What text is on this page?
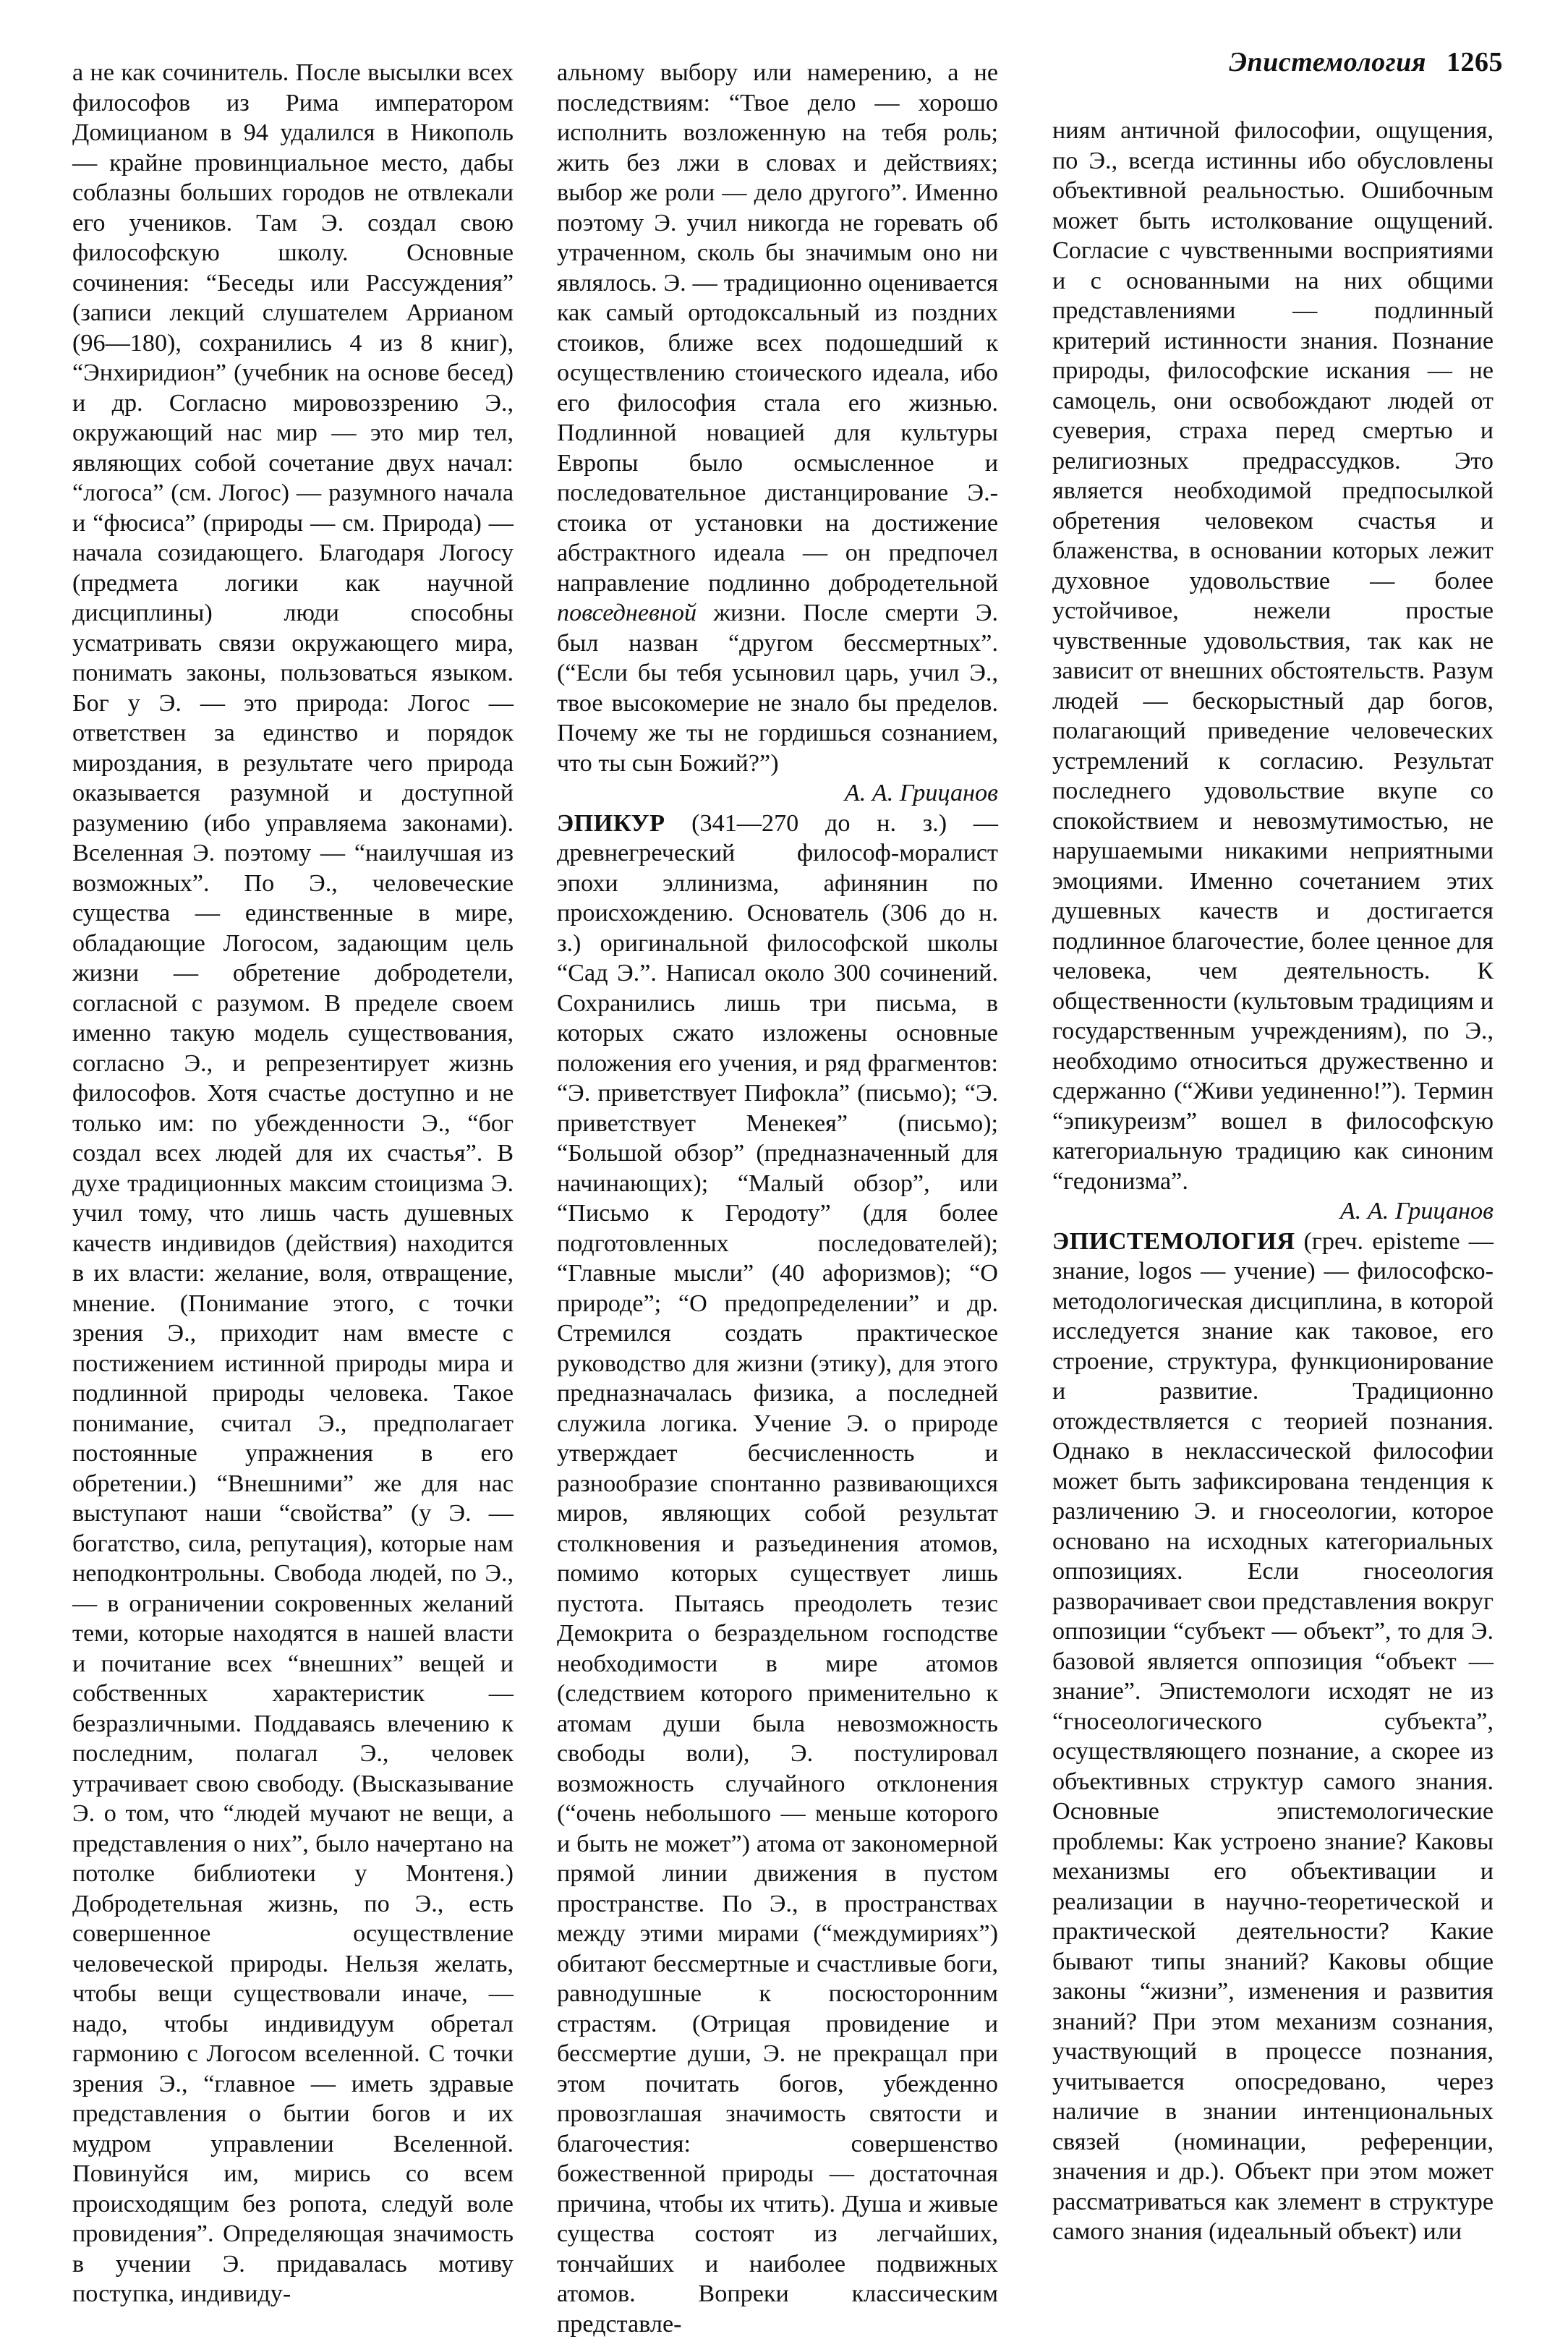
Эпистемология 1265

а не как сочинитель. После высылки всех философов из Рима императором Домицианом в 94 удалился в Никополь — крайне провинциальное место, дабы соблазны больших городов не отвлекали его учеников. Там Э. создал свою философскую школу. Основные сочинения: “Беседы или Рассуждения” (записи лекций слушателем Аррианом (96—180), сохранились 4 из 8 книг), “Энхиридион” (учебник на основе бесед) и др. Согласно мировоззрению Э., окружающий нас мир — это мир тел, являющих собой сочетание двух начал: “логоса” (см. Логос) — разумного начала и “фюсиса” (природы — см. Природа) — начала созидающего. Благодаря Логосу (предмета логики как научной дисциплины) люди способны усматривать связи окружающего мира, понимать законы, пользоваться языком. Бог у Э. — это природа: Логос — ответствен за единство и порядок мироздания, в результате чего природа оказывается разумной и доступной разумению (ибо управляема законами). Вселенная Э. поэтому — “наилучшая из возможных”. По Э., человеческие существа — единственные в мире, обладающие Логосом, задающим цель жизни — обретение добродетели, согласной с разумом. В пределе своем именно такую модель существования, согласно Э., и репрезентирует жизнь философов. Хотя счастье доступно и не только им: по убежденности Э., “бог создал всех людей для их счастья”. В духе традиционных максим стоицизма Э. учил тому, что лишь часть душевных качеств индивидов (действия) находится в их власти: желание, воля, отвращение, мнение. (Понимание этого, с точки зрения Э., приходит нам вместе с постижением истинной природы мира и подлинной природы человека. Такое понимание, считал Э., предполагает постоянные упражнения в его обретении.) “Внешними” же для нас выступают наши “свойства” (у Э. — богатство, сила, репутация), которые нам неподконтрольны. Свобода людей, по Э., — в ограничении сокровенных желаний теми, которые находятся в нашей власти и почитание всех “внешних” вещей и собственных характеристик — безразличными. Поддаваясь влечению к последним, полагал Э., человек утрачивает свою свободу. (Высказывание Э. о том, что “людей мучают не вещи, а представления о них”, было начертано на потолке библиотеки у Монтеня.) Добродетельная жизнь, по Э., есть совершенное осуществление человеческой природы. Нельзя желать, чтобы вещи существовали иначе, — надо, чтобы индивидуум обретал гармонию с Логосом вселенной. С точки зрения Э., “главное — иметь здравые представления о бытии богов и их мудром управлении Вселенной. Повинуйся им, мирись со всем происходящим без ропота, следуй воле провидения”. Определяющая значимость в учении Э. придавалась мотиву поступка, индивиду-

альному выбору или намерению, а не последствиям: “Твое дело — хорошо исполнить возложенную на тебя роль; жить без лжи в словах и действиях; выбор же роли — дело другого”. Именно поэтому Э. учил никогда не горевать об утраченном, сколь бы значимым оно ни являлось. Э. — традиционно оценивается как самый ортодоксальный из поздних стоиков, ближе всех подошедший к осуществлению стоического идеала, ибо его философия стала его жизнью. Подлинной новацией для культуры Европы было осмысленное и последовательное дистанцирование Э.-стоика от установки на достижение абстрактного идеала — он предпочел направление подлинно добродетельной повседневной жизни. После смерти Э. был назван “другом бессмертных”. (“Если бы тебя усыновил царь, учил Э., твое высокомерие не знало бы пределов. Почему же ты не гордишься сознанием, что ты сын Божий?”)

А. А. Грицанов

ЭПИКУР (341—270 до н. з.) — древнегреческий философ-моралист эпохи эллинизма, афинянин по происхождению. Основатель (306 до н. з.) оригинальной философской школы “Сад Э.”. Написал около 300 сочинений. Сохранились лишь три письма, в которых сжато изложены основные положения его учения, и ряд фрагментов: “Э. приветствует Пифокла” (письмо); “Э. приветствует Менекея” (письмо); “Большой обзор” (предназначенный для начинающих); “Малый обзор”, или “Письмо к Геродоту” (для более подготовленных последователей); “Главные мысли” (40 афоризмов); “О природе”; “О предопределении” и др. Стремился создать практическое руководство для жизни (этику), для этого предназначалась физика, а последней служила логика. Учение Э. о природе утверждает бесчисленность и разнообразие спонтанно развивающихся миров, являющих собой результат столкновения и разъединения атомов, помимо которых существует лишь пустота. Пытаясь преодолеть тезис Демокрита о безраздельном господстве необходимости в мире атомов (следствием которого применительно к атомам души была невозможность свободы воли), Э. постулировал возможность случайного отклонения (“очень небольшого — меньше которого и быть не может”) атома от закономерной прямой линии движения в пустом пространстве. По Э., в пространствах между этими мирами (“междумириях”) обитают бессмертные и счастливые боги, равнодушные к посюсторонним страстям. (Отрицая провидение и бессмертие души, Э. не прекращал при этом почитать богов, убежденно провозглашая значимость святости и благочестия: совершенство божественной природы — достаточная причина, чтобы их чтить). Душа и живые существа состоят из легчайших, тончайших и наиболее подвижных атомов. Вопреки классическим представле-

ниям античной философии, ощущения, по Э., всегда истинны ибо обусловлены объективной реальностью. Ошибочным может быть истолкование ощущений. Согласие с чувственными восприятиями и с основанными на них общими представлениями — подлинный критерий истинности знания. Познание природы, философские искания — не самоцель, они освобождают людей от суеверия, страха перед смертью и религиозных предрассудков. Это является необходимой предпосылкой обретения человеком счастья и блаженства, в основании которых лежит духовное удовольствие — более устойчивое, нежели простые чувственные удовольствия, так как не зависит от внешних обстоятельств. Разум людей — бескорыстный дар богов, полагающий приведение человеческих устремлений к согласию. Результат последнего удовольствие вкупе со спокойствием и невозмутимостью, не нарушаемыми никакими неприятными эмоциями. Именно сочетанием этих душевных качеств и достигается подлинное благочестие, более ценное для человека, чем деятельность. К общественности (культовым традициям и государственным учреждениям), по Э., необходимо относиться дружественно и сдержанно (“Живи уединенно!”). Термин “эпикуреизм” вошел в философскую категориальную традицию как синоним “гедонизма”.

А. А. Грицанов

ЭПИСТЕМОЛОГИЯ (греч. episteme — знание, logos — учение) — философско-методологическая дисциплина, в которой исследуется знание как таковое, его строение, структура, функционирование и развитие. Традиционно отождествляется с теорией познания. Однако в неклассической философии может быть зафиксирована тенденция к различению Э. и гносеологии, которое основано на исходных категориальных оппозициях. Если гносеология разворачивает свои представления вокруг оппозиции “субъект — объект”, то для Э. базовой является оппозиция “объект — знание”. Эпистемологи исходят не из “гносеологического субъекта”, осуществляющего познание, а скорее из объективных структур самого знания. Основные эпистемологические проблемы: Как устроено знание? Каковы механизмы его объективации и реализации в научно-теоретической и практической деятельности? Какие бывают типы знаний? Каковы общие законы “жизни”, изменения и развития знаний? При этом механизм сознания, участвующий в процессе познания, учитывается опосредовано, через наличие в знании интенциональных связей (номинации, референции, значения и др.). Объект при этом может рассматриваться как злемент в структуре самого знания (идеальный объект) или
